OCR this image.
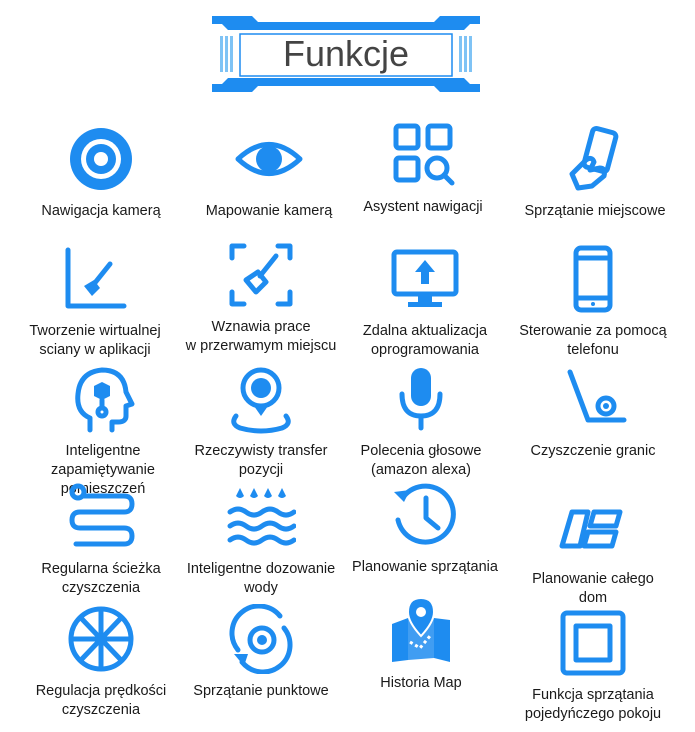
Funkcje
Nawigacja kamerą	Mapowanie kamerą	Asystent nawigacji	Sprzątanie miejscowe
Tworzenie wirtualnej
sciany w aplikacji
Wznawia prace
w przerwamym miejscu
Zdalna aktualizacja
oprogramowania
Sterowanie za pomocą
telefonu
Inteligentne
zapamiętywanie
pomieszczeń
Rzeczywisty transfer
pozycji
Polecenia głosowe
(amazon alexa)
Czyszczenie granic
Regularna ścieżka
czyszczenia
Inteligentne dozowanie
wody
Planowanie sprzątania
Planowanie całego
dom
Regulacja prędkości
czyszczenia
Sprzątanie punktowe	Historia Map
Funkcja sprzątania
pojedyńczego pokoju
